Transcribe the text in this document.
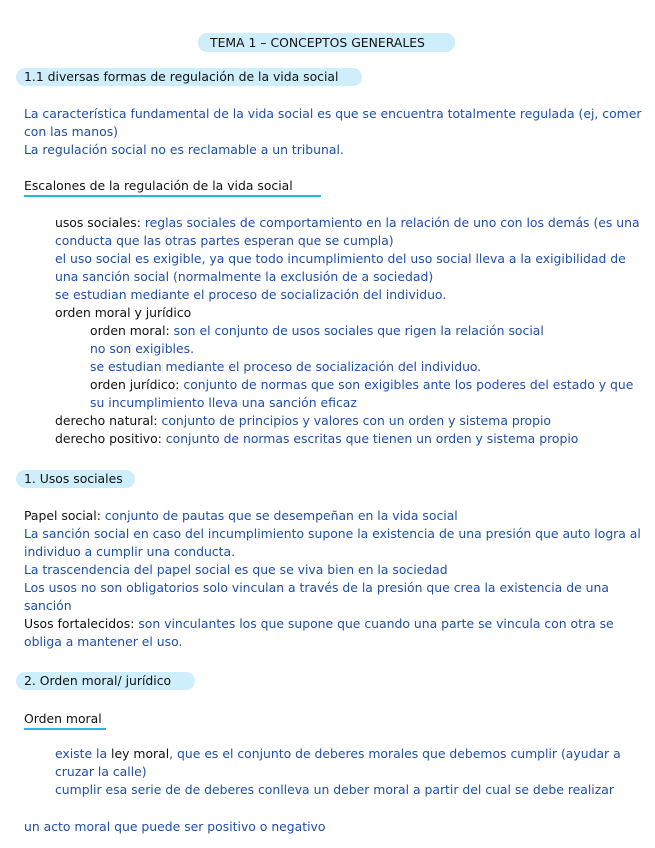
TEMA 1 – CONCEPTOS GENERALES
1.1 diversas formas de regulación de la vida social

La característica fundamental de la vida social es que se encuentra totalmente regulada (ej, comer con las manos)

La regulación social no es reclamable a un tribunal.

Escalones de la regulación de la vida social

usos sociales: reglas sociales de comportamiento en la relación de uno con los demás (es una conducta que las otras partes esperan que se cumpla)

el uso social es exigible, ya que todo incumplimiento del uso social lleva a la exigibilidad de una sanción social (normalmente la exclusión de a sociedad)

se estudian mediante el proceso de socialización del individuo.

orden moral y jurídico

orden moral: son el conjunto de usos sociales que rigen la relación social

no son exigibles.

se estudian mediante el proceso de socialización del individuo.

orden jurídico: conjunto de normas que son exigibles ante los poderes del estado y que su incumplimiento lleva una sanción eficaz

derecho natural: conjunto de principios y valores con un orden y sistema propio

derecho positivo: conjunto de normas escritas que tienen un orden y sistema propio

1. Usos sociales

Papel social: conjunto de pautas que se desempeñan en la vida social

La sanción social en caso del incumplimiento supone la existencia de una presión que auto logra al individuo a cumplir una conducta.

La trascendencia del papel social es que se viva bien en la sociedad

Los usos no son obligatorios solo vinculan a través de la presión que crea la existencia de una sanción

Usos fortalecidos: son vinculantes los que supone que cuando una parte se vincula con otra se obliga a mantener el uso.

2. Orden moral/ jurídico
Orden moral

existe la ley moral, que es el conjunto de deberes morales que debemos cumplir (ayudar a cruzar la calle)

cumplir esa serie de de deberes conlleva un deber moral a partir del cual se debe realizar

un acto moral que puede ser positivo o negativo
